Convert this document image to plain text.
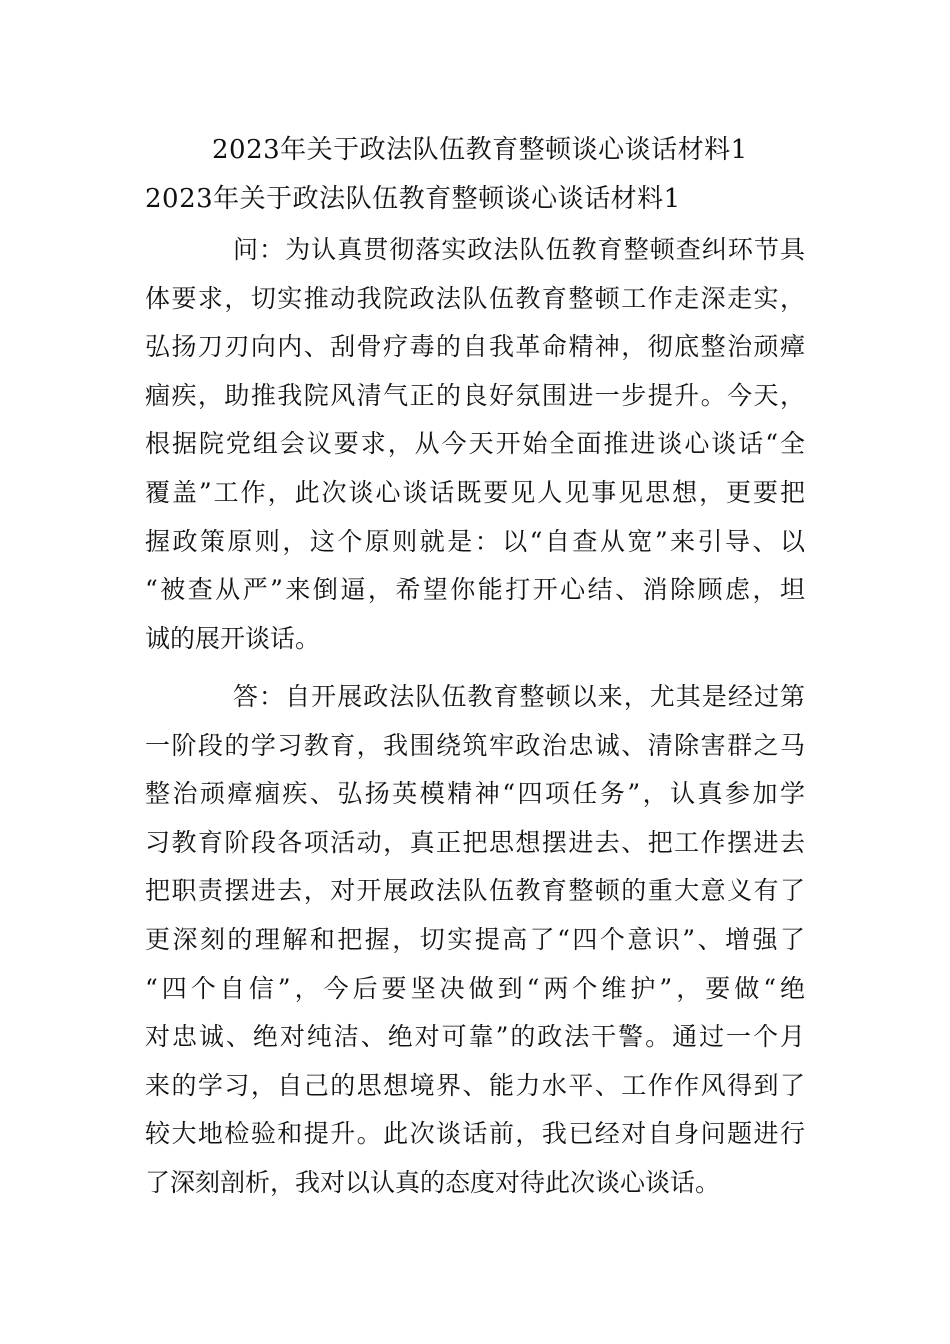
2023年关于政法队伍教育整顿谈心谈话材料1
2023年关于政法队伍教育整顿谈心谈话材料1
问：为认真贯彻落实政法队伍教育整顿查纠环节具
体要求，切实推动我院政法队伍教育整顿工作走深走实，
弘扬刀刃向内、刮骨疗毒的自我革命精神，彻底整治顽瘴
痼疾，助推我院风清气正的良好氛围进一步提升。今天，
根据院党组会议要求，从今天开始全面推进谈心谈话“全
覆盖”工作，此次谈心谈话既要见人见事见思想，更要把
握政策原则，这个原则就是：以“自查从宽”来引导、以
“被查从严”来倒逼，希望你能打开心结、消除顾虑，坦
诚的展开谈话。
答：自开展政法队伍教育整顿以来，尤其是经过第
一阶段的学习教育，我围绕筑牢政治忠诚、清除害群之马
整治顽瘴痼疾、弘扬英模精神“四项任务”，认真参加学
习教育阶段各项活动，真正把思想摆进去、把工作摆进去
把职责摆进去，对开展政法队伍教育整顿的重大意义有了
更深刻的理解和把握，切实提高了“四个意识”、增强了
“四个自信”，今后要坚决做到“两个维护”，要做“绝
对忠诚、绝对纯洁、绝对可靠”的政法干警。通过一个月
来的学习，自己的思想境界、能力水平、工作作风得到了
较大地检验和提升。此次谈话前，我已经对自身问题进行
了深刻剖析，我对以认真的态度对待此次谈心谈话。
